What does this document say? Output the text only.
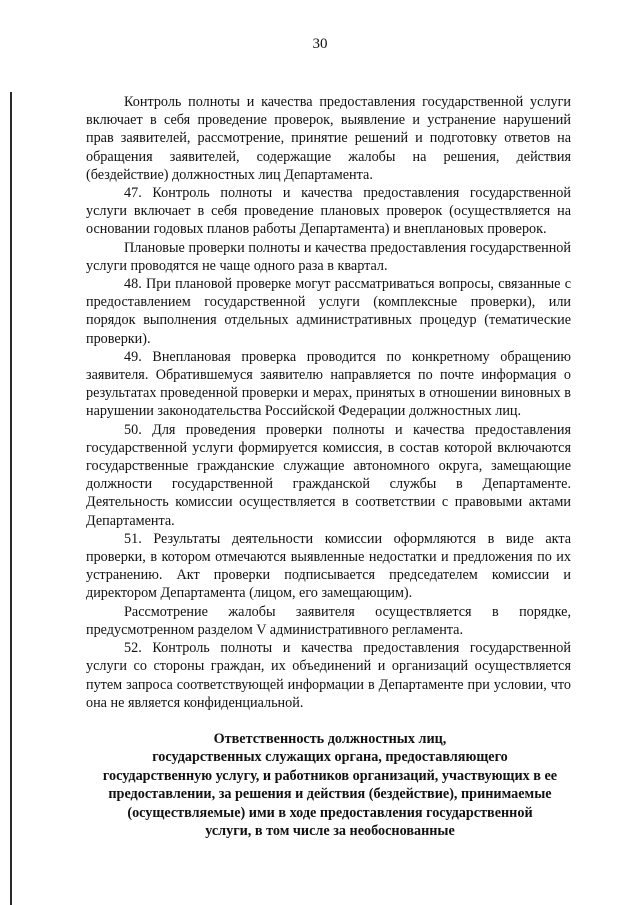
30

Контроль полноты и качества предоставления государственной услуги включает в себя проведение проверок, выявление и устранение нарушений прав заявителей, рассмотрение, принятие решений и подготовку ответов на обращения заявителей, содержащие жалобы на решения, действия (бездействие) должностных лиц Департамента.

47. Контроль полноты и качества предоставления государственной услуги включает в себя проведение плановых проверок (осуществляется на основании годовых планов работы Департамента) и внеплановых проверок.

Плановые проверки полноты и качества предоставления государственной услуги проводятся не чаще одного раза в квартал.

48. При плановой проверке могут рассматриваться вопросы, связанные с предоставлением государственной услуги (комплексные проверки), или порядок выполнения отдельных административных процедур (тематические проверки).

49. Внеплановая проверка проводится по конкретному обращению заявителя. Обратившемуся заявителю направляется по почте информация о результатах проведенной проверки и мерах, принятых в отношении виновных в нарушении законодательства Российской Федерации должностных лиц.

50. Для проведения проверки полноты и качества предоставления государственной услуги формируется комиссия, в состав которой включаются государственные гражданские служащие автономного округа, замещающие должности государственной гражданской службы в Департаменте. Деятельность комиссии осуществляется в соответствии с правовыми актами Департамента.

51. Результаты деятельности комиссии оформляются в виде акта проверки, в котором отмечаются выявленные недостатки и предложения по их устранению. Акт проверки подписывается председателем комиссии и директором Департамента (лицом, его замещающим).

Рассмотрение жалобы заявителя осуществляется в порядке, предусмотренном разделом V административного регламента.

52. Контроль полноты и качества предоставления государственной услуги со стороны граждан, их объединений и организаций осуществляется путем запроса соответствующей информации в Департаменте при условии, что она не является конфиденциальной.

Ответственность должностных лиц,
государственных служащих органа, предоставляющего
государственную услугу, и работников организаций, участвующих в ее
предоставлении, за решения и действия (бездействие), принимаемые
(осуществляемые) ими в ходе предоставления государственной
услуги, в том числе за необоснованные
